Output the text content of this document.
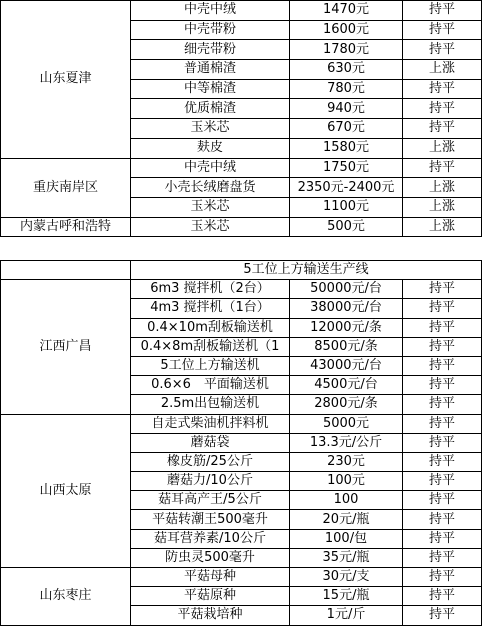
山东夏津	中壳中绒	1470元	持平
	中壳带粉	1600元	持平
	细壳带粉	1780元	持平
	普通棉渣	630元	上涨
	中等棉渣	780元	持平
	优质棉渣	940元	持平
	玉米芯	670元	持平
	麸皮	1580元	上涨
重庆南岸区	中壳中绒	1750元	持平
	小壳长绒磨盘货	2350元-2400元	上涨
	玉米芯	1100元	上涨
内蒙古呼和浩特	玉米芯	500元	上涨
	5工位上方输送生产线		
江西广昌	6m3 搅拌机（2台）	50000元/台	持平
	4m3 搅拌机（1台）	38000元/台	持平
	0.4×10m刮板输送机	12000元/条	持平
	0.4×8m刮板输送机（1	8500元/条	持平
	5工位上方输送机	43000元/台	持平
	0.6×6　平面输送机	4500元/台	持平
	2.5m出包输送机	2800元/条	持平
山西太原	自走式柴油机拌料机	5000元	持平
	蘑菇袋	13.3元/公斤	持平
	橡皮筋/25公斤	230元	持平
	蘑菇力/10公斤	100元	持平
	菇耳高产王/5公斤	100	持平
	平菇转潮王500毫升	20元/瓶	持平
	菇耳营养素/10公斤	100/包	持平
	防虫灵500毫升	35元/瓶	持平
山东枣庄	平菇母种	30元/支	持平
	平菇原种	15元/瓶	持平
	平菇栽培种	1元/斤	持平
